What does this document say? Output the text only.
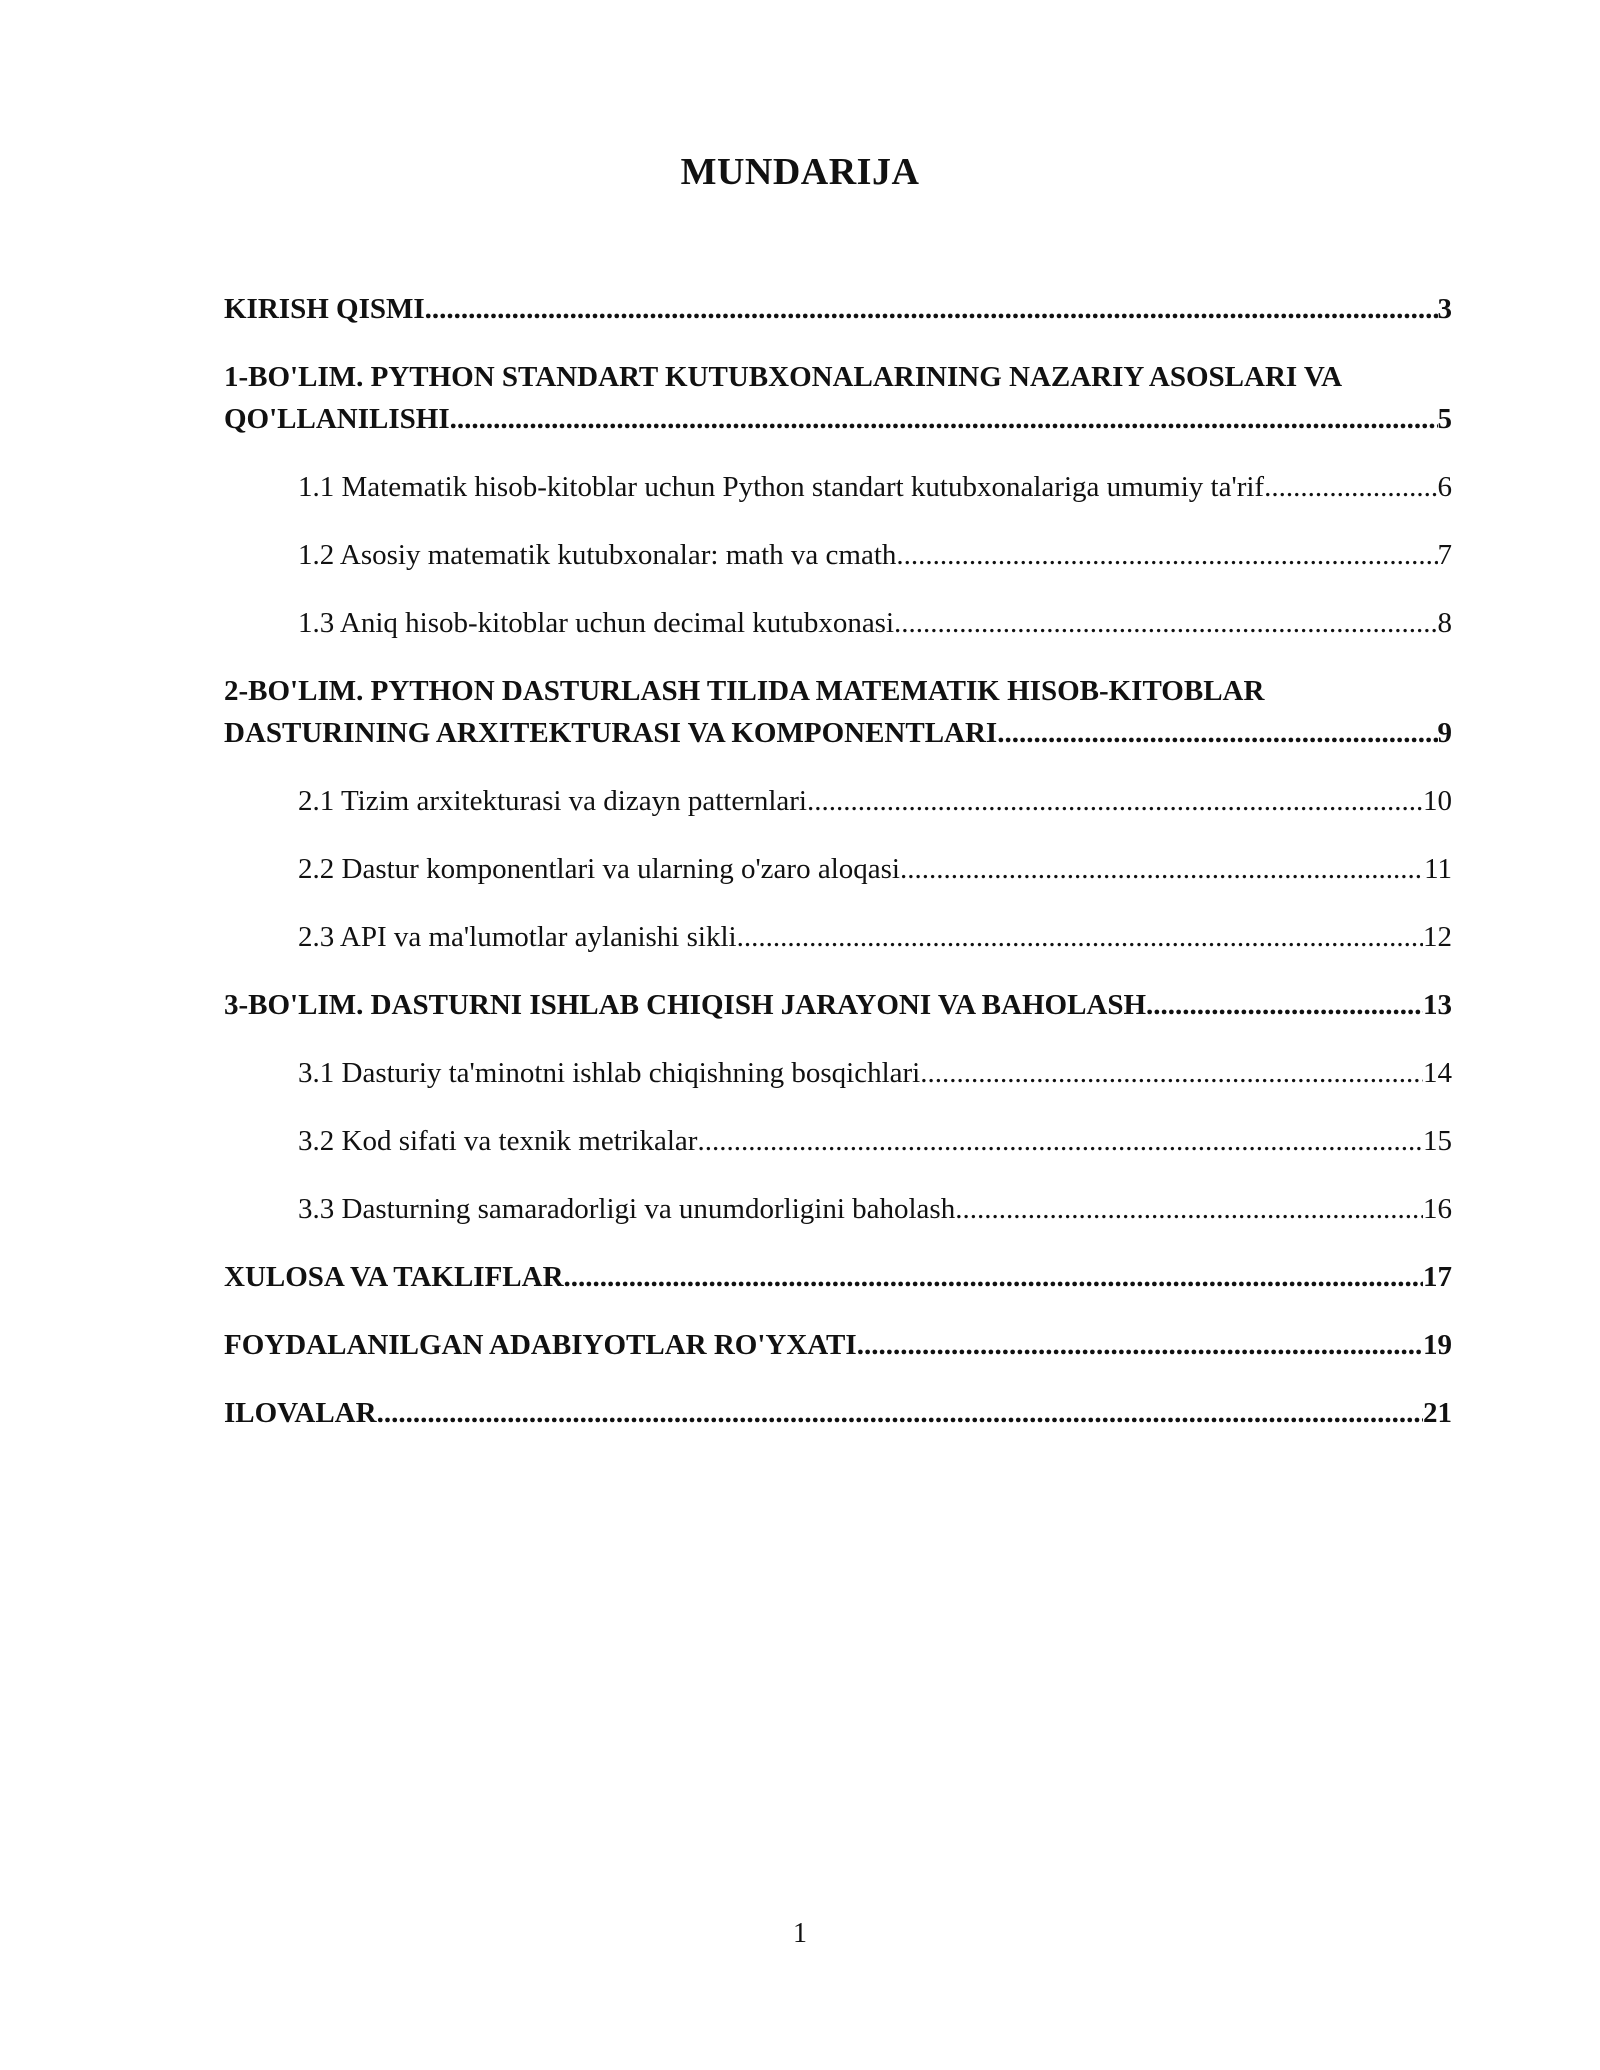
MUNDARIJA
KIRISH QISMI .....	3
1-BO'LIM. PYTHON STANDART KUTUBXONALARINING NAZARIY ASOSLARI VA
QO'LLANILISHI .....	5
1.1 Matematik hisob-kitoblar uchun Python standart kutubxonalariga umumiy ta'rif .....	6
1.2 Asosiy matematik kutubxonalar: math va cmath .....	7
1.3 Aniq hisob-kitoblar uchun decimal kutubxonasi .....	8
2-BO'LIM. PYTHON DASTURLASH TILIDA MATEMATIK HISOB-KITOBLAR
DASTURINING ARXITEKTURASI VA KOMPONENTLARI .....	9
2.1 Tizim arxitekturasi va dizayn patternlari .....	10
2.2 Dastur komponentlari va ularning o'zaro aloqasi .....	11
2.3 API va ma'lumotlar aylanishi sikli .....	12
3-BO'LIM. DASTURNI ISHLAB CHIQISH JARAYONI VA BAHOLASH .....	13
3.1 Dasturiy ta'minotni ishlab chiqishning bosqichlari .....	14
3.2 Kod sifati va texnik metrikalar .....	15
3.3 Dasturning samaradorligi va unumdorligini baholash .....	16
XULOSA VA TAKLIFLAR .....	17
FOYDALANILGAN ADABIYOTLAR RO'YXATI .....	19
ILOVALAR .....	21
1
